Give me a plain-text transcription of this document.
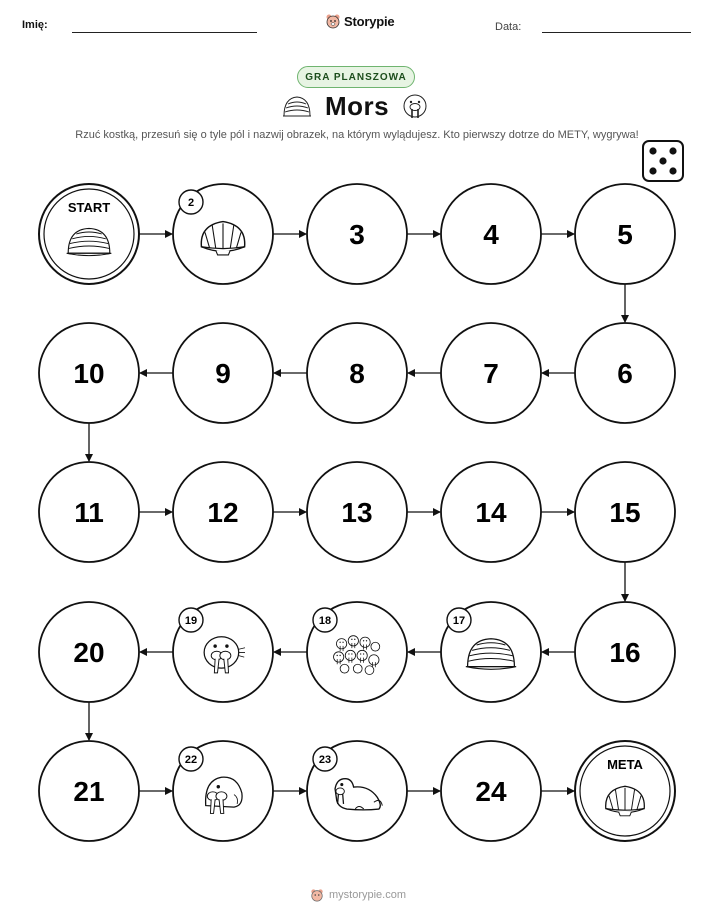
Imię:	Storypie	Data:
GRA PLANSZOWA
Mors
Rzuć kostką, przesuń się o tyle pól i nazwij obrazek, na którym wylądujesz. Kto pierwszy dotrze do METY, wygrywa!
START
META
2
3	4	5
6
7
8
9
10
11	12	13	14	15
16
17
18
19
20
21
22	23
24
mystorypie.com
